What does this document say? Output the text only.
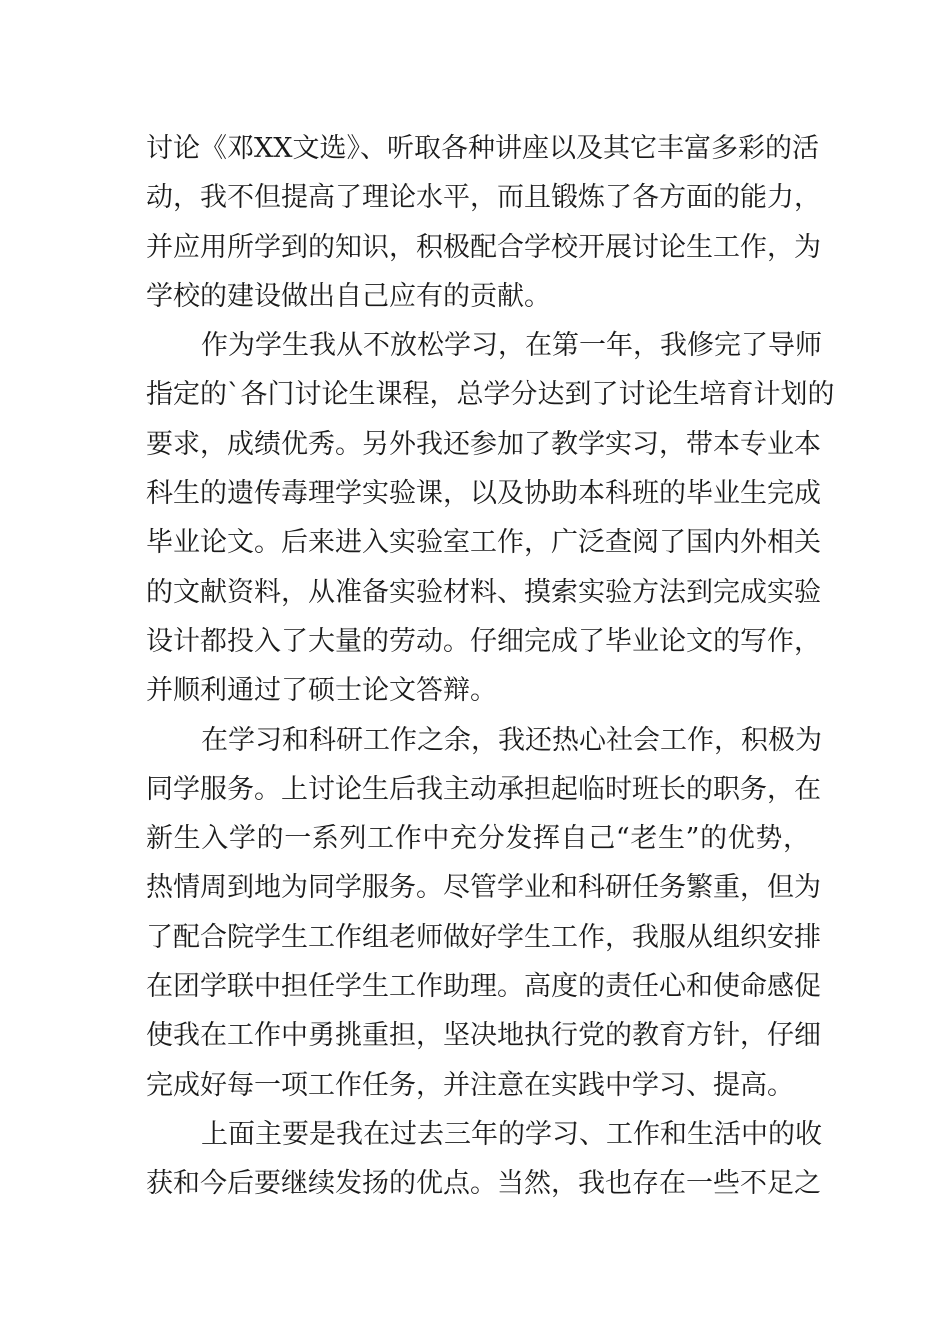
讨论《邓XX文选》、听取各种讲座以及其它丰富多彩的活
动，我不但提高了理论水平，而且锻炼了各方面的能力，
并应用所学到的知识，积极配合学校开展讨论生工作，为
学校的建设做出自己应有的贡献。
作为学生我从不放松学习，在第一年，我修完了导师
指定的`各门讨论生课程，总学分达到了讨论生培育计划的
要求，成绩优秀。另外我还参加了教学实习，带本专业本
科生的遗传毒理学实验课，以及协助本科班的毕业生完成
毕业论文。后来进入实验室工作，广泛查阅了国内外相关
的文献资料，从准备实验材料、摸索实验方法到完成实验
设计都投入了大量的劳动。仔细完成了毕业论文的写作，
并顺利通过了硕士论文答辩。
在学习和科研工作之余，我还热心社会工作，积极为
同学服务。上讨论生后我主动承担起临时班长的职务，在
新生入学的一系列工作中充分发挥自己“老生”的优势，
热情周到地为同学服务。尽管学业和科研任务繁重，但为
了配合院学生工作组老师做好学生工作，我服从组织安排
在团学联中担任学生工作助理。高度的责任心和使命感促
使我在工作中勇挑重担，坚决地执行党的教育方针，仔细
完成好每一项工作任务，并注意在实践中学习、提高。
上面主要是我在过去三年的学习、工作和生活中的收
获和今后要继续发扬的优点。当然，我也存在一些不足之
